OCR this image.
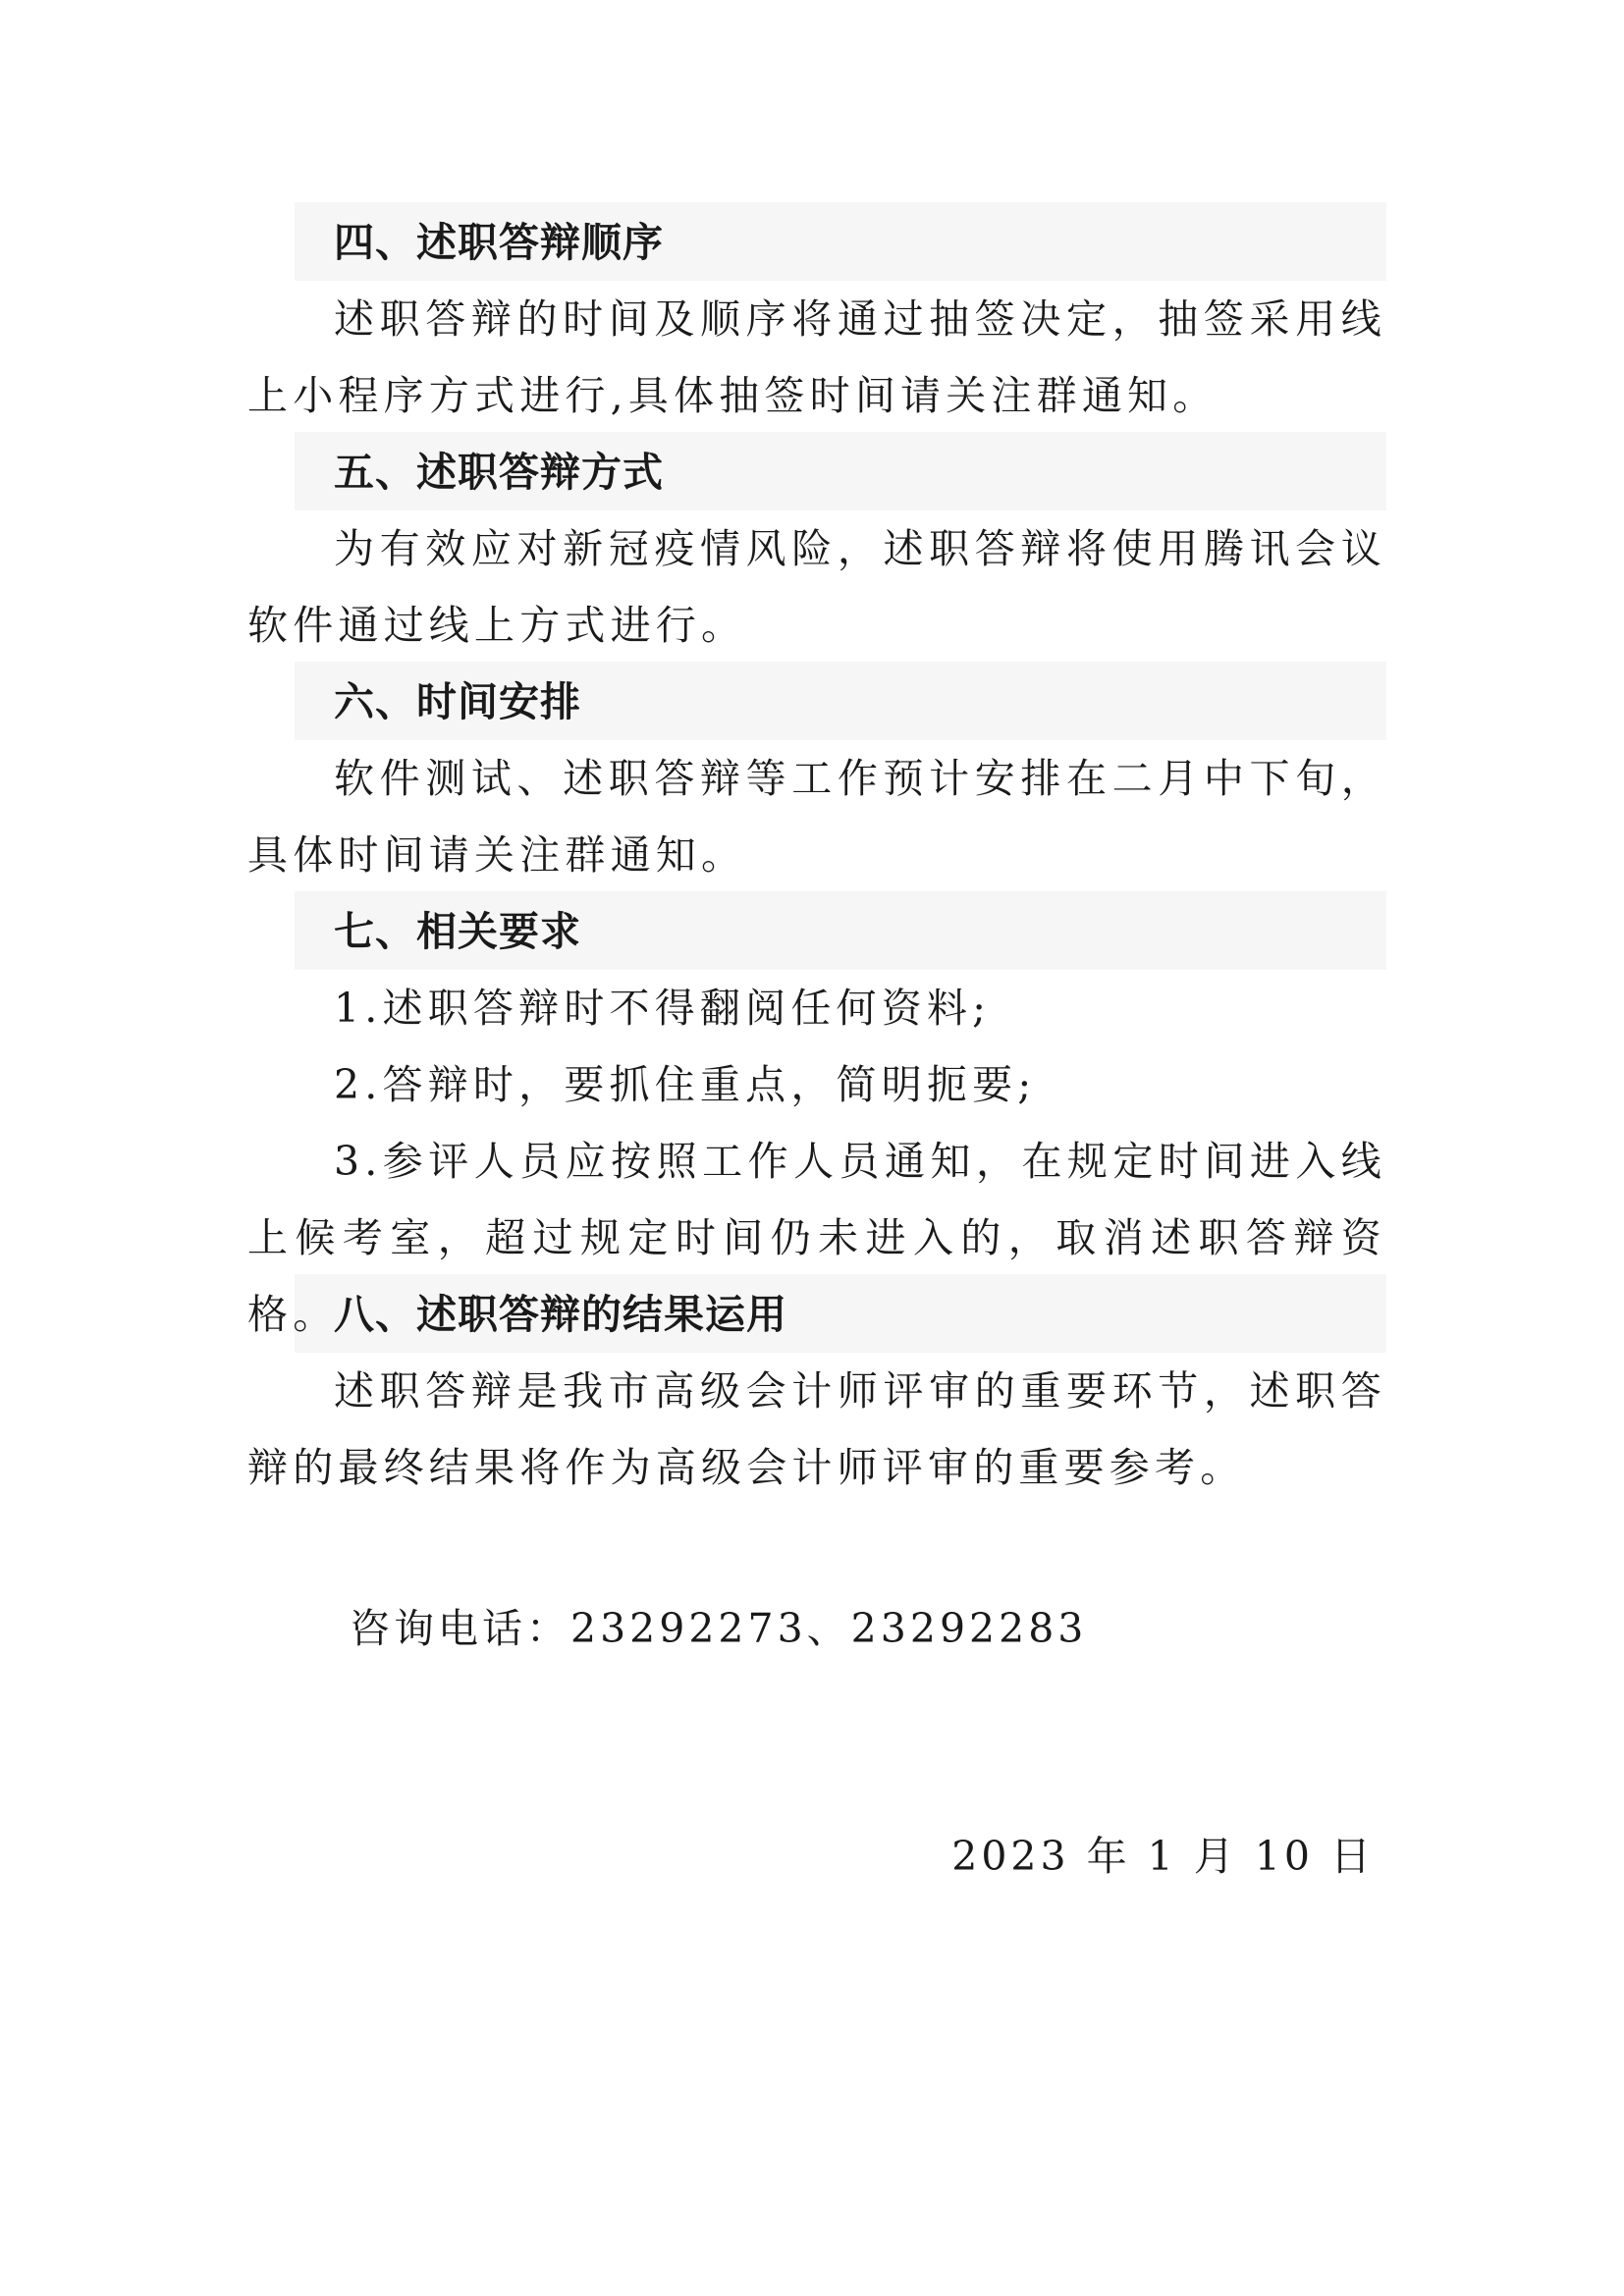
四、述职答辩顺序

述职答辩的时间及顺序将通过抽签决定，抽签采用线上小程序方式进行,具体抽签时间请关注群通知。

五、述职答辩方式

为有效应对新冠疫情风险，述职答辩将使用腾讯会议软件通过线上方式进行。

六、时间安排

软件测试、述职答辩等工作预计安排在二月中下旬，具体时间请关注群通知。

七、相关要求

1.述职答辩时不得翻阅任何资料;

2.答辩时，要抓住重点，简明扼要;

3.参评人员应按照工作人员通知，在规定时间进入线上候考室，超过规定时间仍未进入的，取消述职答辩资格。

八、述职答辩的结果运用

述职答辩是我市高级会计师评审的重要环节，述职答辩的最终结果将作为高级会计师评审的重要参考。

咨询电话：23292273、23292283
2023 年 1 月 10 日
